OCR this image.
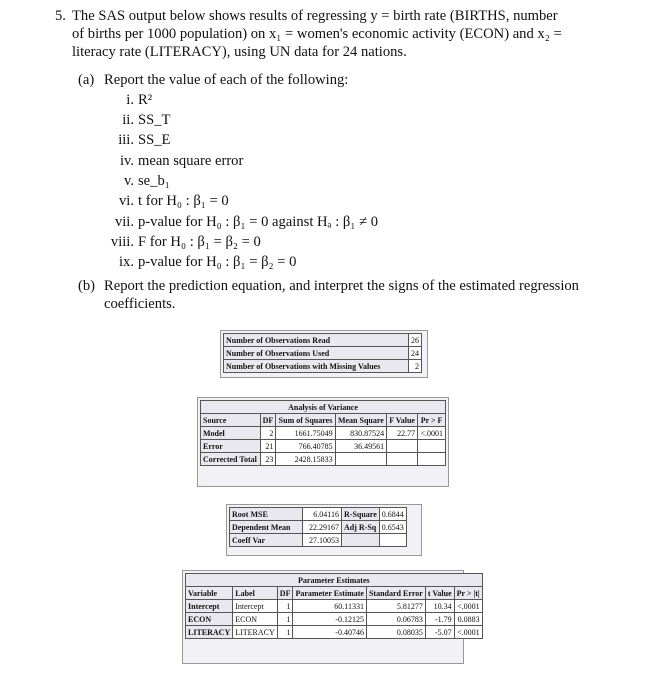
5. The SAS output below shows results of regressing y = birth rate (BIRTHS, number
of births per 1000 population) on x₁ = women's economic activity (ECON) and x₂ =
literacy rate (LITERACY), using UN data for 24 nations.
(a) Report the value of each of the following:
i. R²
ii. SS_T
iii. SS_E
iv. mean square error
v. se_b₁
vi. t for H₀ : β₁ = 0
vii. p-value for H₀ : β₁ = 0 against Hₐ : β₁ ≠ 0
viii. F for H₀ : β₁ = β₂ = 0
ix. p-value for H₀ : β₁ = β₂ = 0
(b) Report the prediction equation, and interpret the signs of the estimated regression
coefficients.
Number of Observations Read	26
Number of Observations Used	24
Number of Observations with Missing Values	2
Analysis of Variance					
Source	DF	Sum of Squares	Mean Square	F Value	Pr > F
Model	2	1661.75049	830.87524	22.77	<.0001
Error	21	766.40785	36.49561		
Corrected Total	23	2428.15833			
Root MSE	6.04116	R-Square	0.6844
Dependent Mean	22.29167	Adj R-Sq	0.6543
Coeff Var	27.10053		
Parameter Estimates						
Variable	Label	DF	Parameter Estimate	Standard Error	t Value	Pr > |t|
Intercept	Intercept	1	60.11331	5.81277	10.34	<.0001
ECON	ECON	1	-0.12125	0.06783	-1.79	0.0883
LITERACY	LITERACY	1	-0.40746	0.08035	-5.07	<.0001
